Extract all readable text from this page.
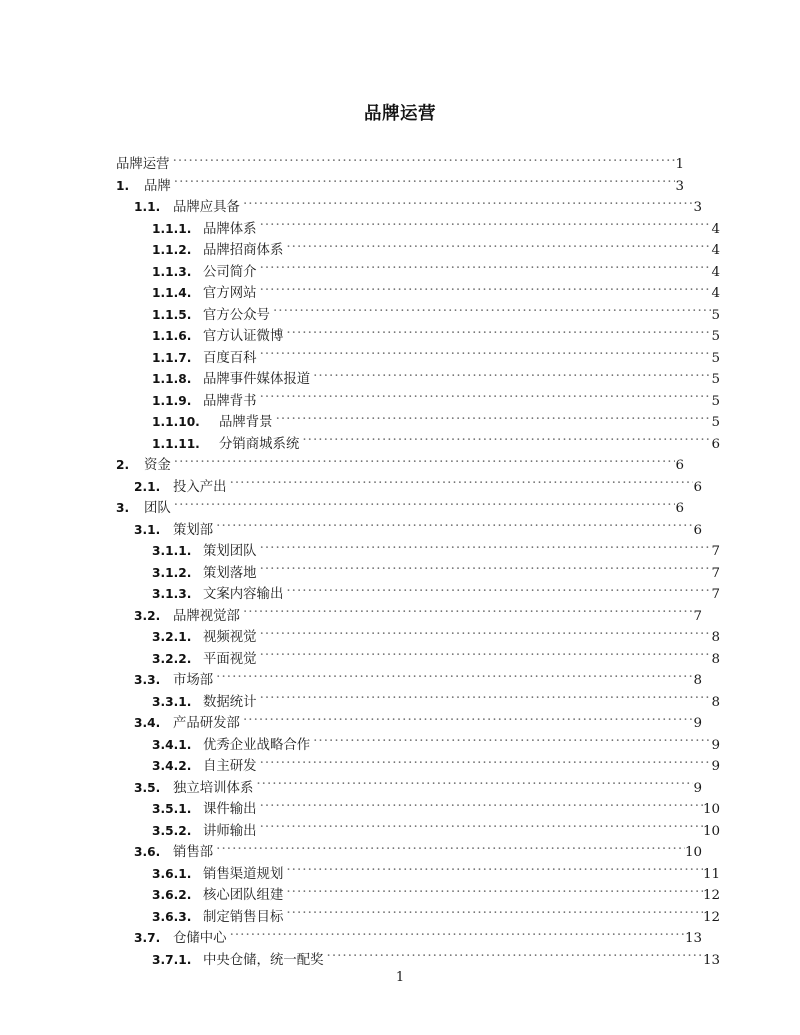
品牌运营
品牌运营 .....	1
1.	品牌 .....	3
1.1. 品牌应具备 .....	3
1.1.1. 品牌体系 .....	4
1.1.2. 品牌招商体系 .....	4
1.1.3. 公司简介 .....	4
1.1.4. 官方网站 .....	4
1.1.5. 官方公众号 .....	5
1.1.6. 官方认证微博 .....	5
1.1.7. 百度百科 .....	5
1.1.8. 品牌事件媒体报道 .....	5
1.1.9. 品牌背书 .....	5
1.1.10.	品牌背景 .....	5
1.1.11.	分销商城系统 .....	6
2.	资金 .....	6
2.1. 投入产出 .....	6
3.	团队 .....	6
3.1. 策划部 .....	6
3.1.1. 策划团队 .....	7
3.1.2. 策划落地 .....	7
3.1.3. 文案内容输出 .....	7
3.2. 品牌视觉部 .....	7
3.2.1. 视频视觉 .....	8
3.2.2. 平面视觉 .....	8
3.3. 市场部 .....	8
3.3.1. 数据统计 .....	8
3.4. 产品研发部 .....	9
3.4.1. 优秀企业战略合作 .....	9
3.4.2. 自主研发 .....	9
3.5. 独立培训体系 .....	9
3.5.1. 课件输出 .....	10
3.5.2. 讲师输出 .....	10
3.6. 销售部 .....	10
3.6.1. 销售渠道规划 .....	11
3.6.2. 核心团队组建 .....	12
3.6.3. 制定销售目标 .....	12
3.7. 仓储中心 .....	13
3.7.1. 中央仓储，统一配奖 .....	13
1
